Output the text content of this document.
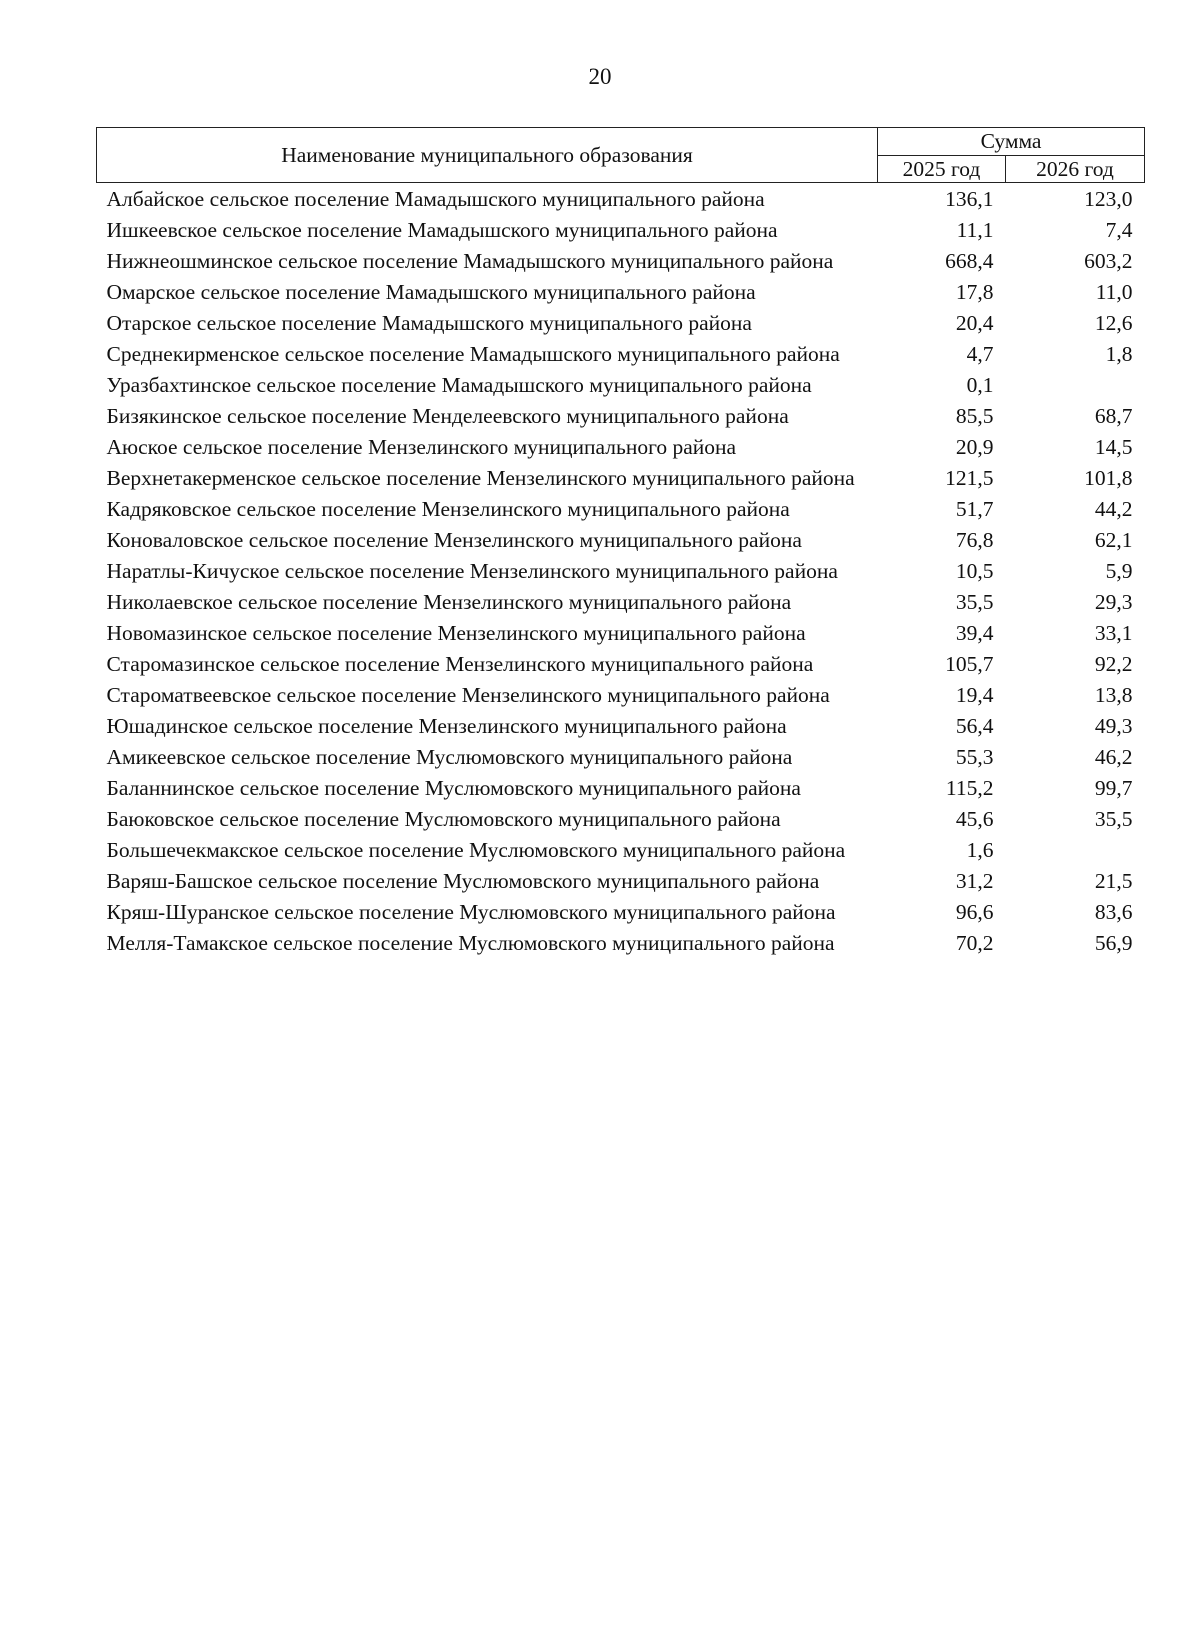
20
Наименование муниципального образования	Сумма	
	2025 год	2026 год
Албайское сельское поселение Мамадышского муниципального района	136,1	123,0
Ишкеевское сельское поселение Мамадышского муниципального района	11,1	7,4
Нижнеошминское сельское поселение Мамадышского муниципального района	668,4	603,2
Омарское сельское поселение Мамадышского муниципального района	17,8	11,0
Отарское сельское поселение Мамадышского муниципального района	20,4	12,6
Среднекирменское сельское поселение Мамадышского муниципального района	4,7	1,8
Уразбахтинское сельское поселение Мамадышского муниципального района	0,1	
Бизякинское сельское поселение Менделеевского муниципального района	85,5	68,7
Аюское сельское поселение Мензелинского муниципального района	20,9	14,5
Верхнетакерменское сельское поселение Мензелинского муниципального района	121,5	101,8
Кадряковское сельское поселение Мензелинского муниципального района	51,7	44,2
Коноваловское сельское поселение Мензелинского муниципального района	76,8	62,1
Наратлы-Кичуское сельское поселение Мензелинского муниципального района	10,5	5,9
Николаевское сельское поселение Мензелинского муниципального района	35,5	29,3
Новомазинское сельское поселение Мензелинского муниципального района	39,4	33,1
Старомазинское сельское поселение Мензелинского муниципального района	105,7	92,2
Староматвеевское сельское поселение Мензелинского муниципального района	19,4	13,8
Юшадинское сельское поселение Мензелинского муниципального района	56,4	49,3
Амикеевское сельское поселение Муслюмовского муниципального района	55,3	46,2
Баланнинское сельское поселение Муслюмовского муниципального района	115,2	99,7
Баюковское сельское поселение Муслюмовского муниципального района	45,6	35,5
Большечекмакское сельское поселение Муслюмовского муниципального района	1,6	
Варяш-Башское сельское поселение Муслюмовского муниципального района	31,2	21,5
Кряш-Шуранское сельское поселение Муслюмовского муниципального района	96,6	83,6
Мелля-Тамакское сельское поселение Муслюмовского муниципального района	70,2	56,9
